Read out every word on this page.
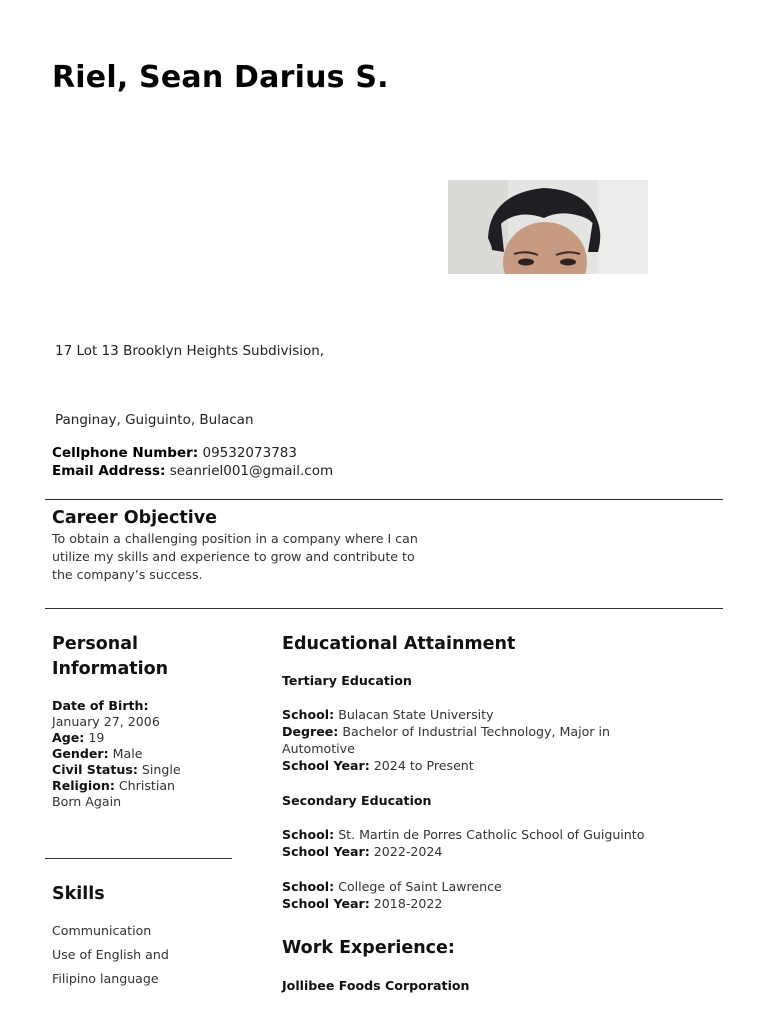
Riel, Sean Darius S.
17 Lot 13 Brooklyn Heights Subdivision,
Panginay, Guiguinto, Bulacan
Cellphone Number: 09532073783
Email Address: seanriel001@gmail.com
Career Objective
To obtain a challenging position in a company where I can
utilize my skills and experience to grow and contribute to
the company’s success.
Personal
Information
Date of Birth:
January 27, 2006
Age: 19
Gender: Male
Civil Status: Single
Religion: Christian
Born Again
Skills
Communication
Use of English and
Filipino language
Educational Attainment
Tertiary Education
School: Bulacan State University
Degree: Bachelor of Industrial Technology, Major in
Automotive
School Year: 2024 to Present
Secondary Education
School: St. Martin de Porres Catholic School of Guiguinto
School Year: 2022-2024
School: College of Saint Lawrence
School Year: 2018-2022
Work Experience:
Jollibee Foods Corporation
